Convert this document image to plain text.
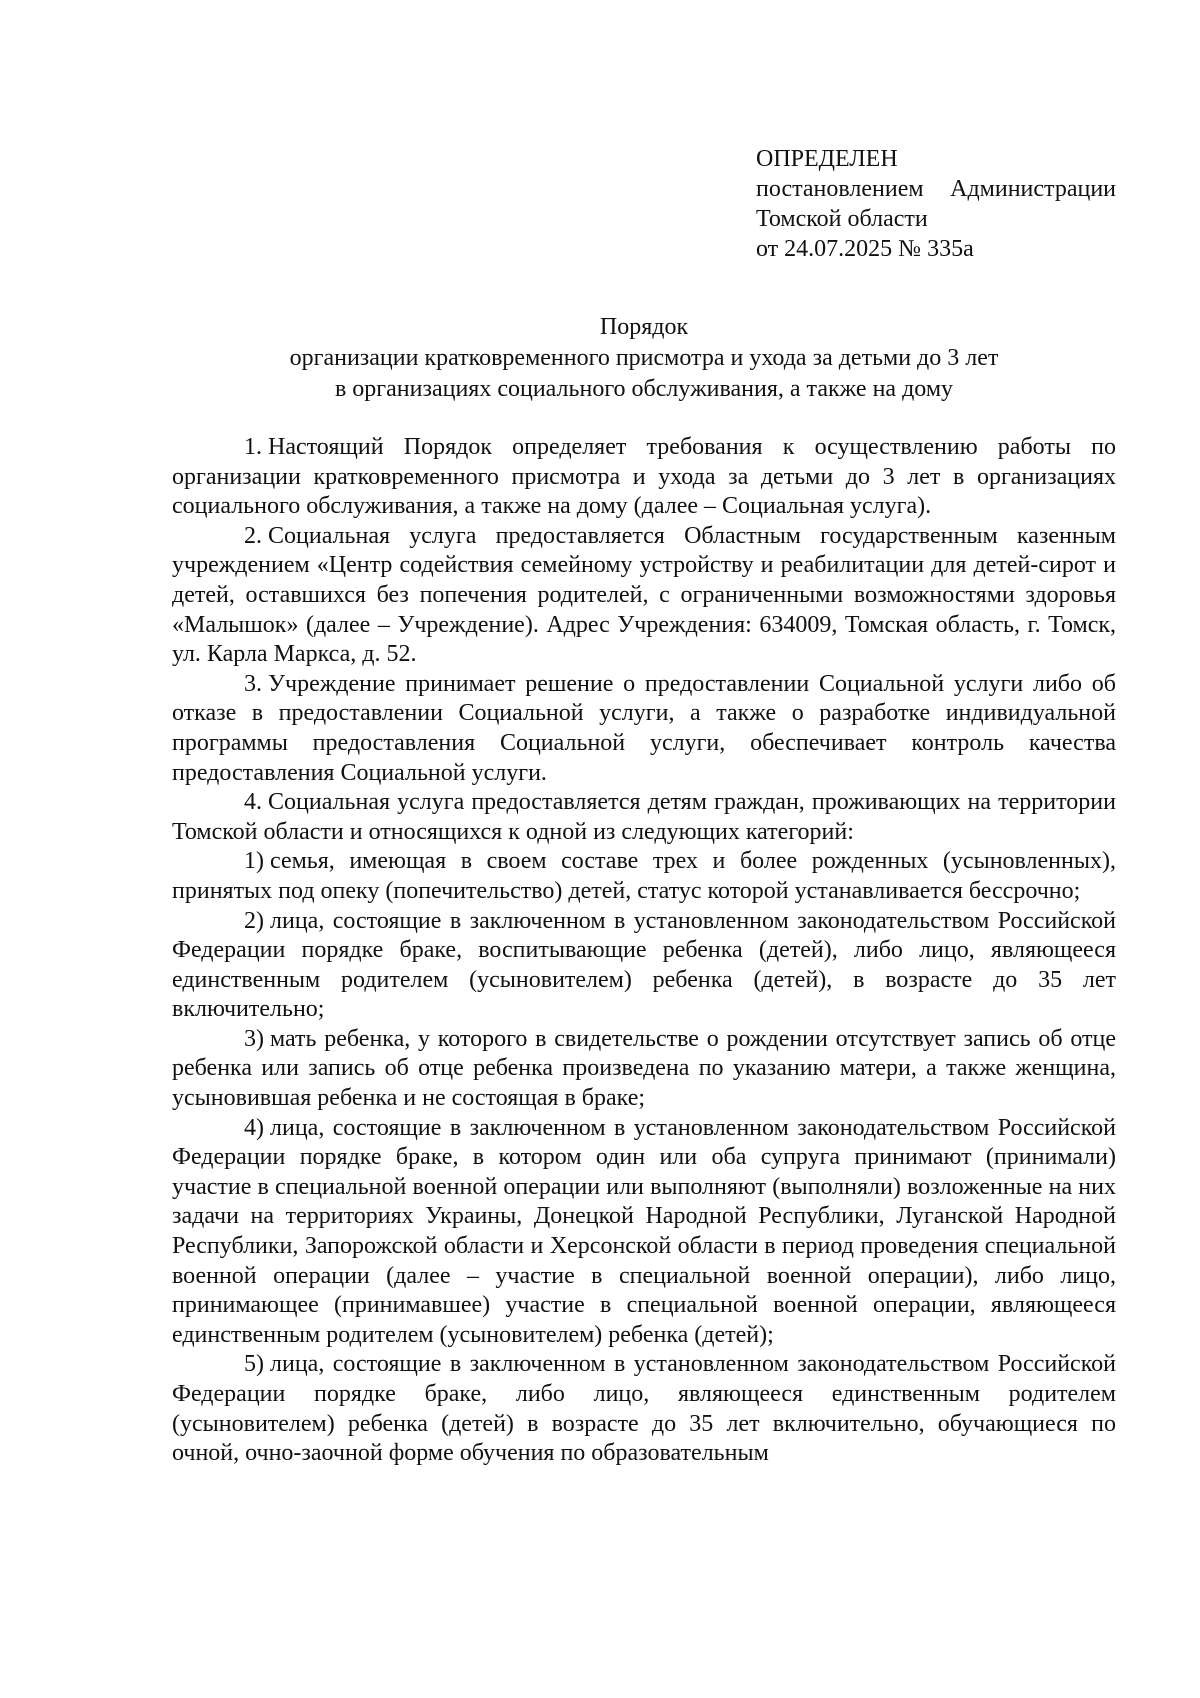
ОПРЕДЕЛЕН
постановлением Администрации
Томской области
от 24.07.2025 № 335а
Порядок
организации кратковременного присмотра и ухода за детьми до 3 лет
в организациях социального обслуживания, а также на дому

1. Настоящий Порядок определяет требования к осуществлению работы по организации кратковременного присмотра и ухода за детьми до 3 лет в организациях социального обслуживания, а также на дому (далее – Социальная услуга).

2. Социальная услуга предоставляется Областным государственным казенным учреждением «Центр содействия семейному устройству и реабилитации для детей-сирот и детей, оставшихся без попечения родителей, с ограниченными возможностями здоровья «Малышок» (далее – Учреждение). Адрес Учреждения: 634009, Томская область, г. Томск, ул. Карла Маркса, д. 52.

3. Учреждение принимает решение о предоставлении Социальной услуги либо об отказе в предоставлении Социальной услуги, а также о разработке индивидуальной программы предоставления Социальной услуги, обеспечивает контроль качества предоставления Социальной услуги.

4. Социальная услуга предоставляется детям граждан, проживающих на территории Томской области и относящихся к одной из следующих категорий:

1) семья, имеющая в своем составе трех и более рожденных (усыновленных), принятых под опеку (попечительство) детей, статус которой устанавливается бессрочно;

2) лица, состоящие в заключенном в установленном законодательством Российской Федерации порядке браке, воспитывающие ребенка (детей), либо лицо, являющееся единственным родителем (усыновителем) ребенка (детей), в возрасте до 35 лет включительно;

3) мать ребенка, у которого в свидетельстве о рождении отсутствует запись об отце ребенка или запись об отце ребенка произведена по указанию матери, а также женщина, усыновившая ребенка и не состоящая в браке;

4) лица, состоящие в заключенном в установленном законодательством Российской Федерации порядке браке, в котором один или оба супруга принимают (принимали) участие в специальной военной операции или выполняют (выполняли) возложенные на них задачи на территориях Украины, Донецкой Народной Республики, Луганской Народной Республики, Запорожской области и Херсонской области в период проведения специальной военной операции (далее – участие в специальной военной операции), либо лицо, принимающее (принимавшее) участие в специальной военной операции, являющееся единственным родителем (усыновителем) ребенка (детей);

5) лица, состоящие в заключенном в установленном законодательством Российской Федерации порядке браке, либо лицо, являющееся единственным родителем (усыновителем) ребенка (детей) в возрасте до 35 лет включительно, обучающиеся по очной, очно-заочной форме обучения по образовательным
